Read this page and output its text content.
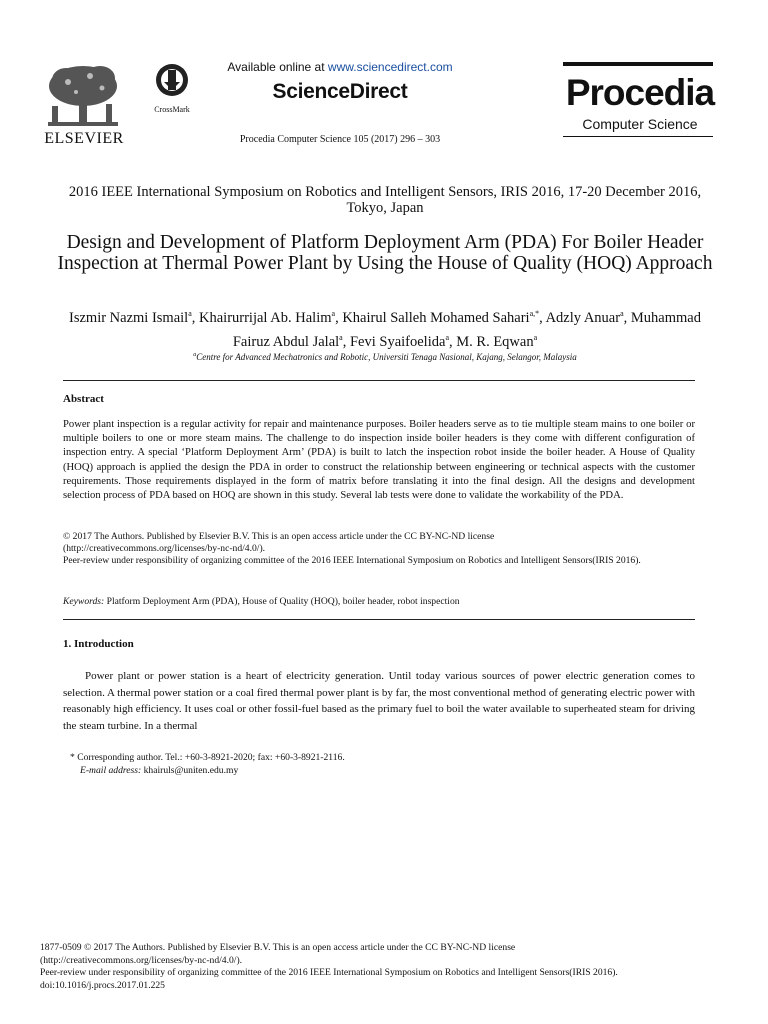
ELSEVIER
CrossMark
Available online at www.sciencedirect.com
ScienceDirect
Procedia Computer Science 105 (2017) 296 – 303
Procedia
Computer Science
2016 IEEE International Symposium on Robotics and Intelligent Sensors, IRIS 2016, 17-20 December 2016, Tokyo, Japan
Design and Development of Platform Deployment Arm (PDA) For Boiler Header Inspection at Thermal Power Plant by Using the House of Quality (HOQ) Approach
Iszmir Nazmi Ismail$^a$, Khairurrijal Ab. Halim$^a$, Khairul Salleh Mohamed Sahari$^{a,*}$, Adzly Anuar$^a$, Muhammad Fairuz Abdul Jalal$^a$, Fevi Syaifoelida$^a$, M. R. Eqwan$^a$
$^a$Centre for Advanced Mechatronics and Robotic, Universiti Tenaga Nasional, Kajang, Selangor, Malaysia
Abstract
Power plant inspection is a regular activity for repair and maintenance purposes. Boiler headers serve as to tie multiple steam mains to one boiler or multiple boilers to one or more steam mains. The challenge to do inspection inside boiler headers is they come with different configuration of inspection entry. A special ‘Platform Deployment Arm’ (PDA) is built to latch the inspection robot inside the boiler header. A House of Quality (HOQ) approach is applied the design the PDA in order to construct the relationship between engineering or technical aspects with the customer requirements. Those requirements displayed in the form of matrix before translating it into the final design. All the designs and development selection process of PDA based on HOQ are shown in this study. Several lab tests were done to validate the workability of the PDA.
© 2017 The Authors. Published by Elsevier B.V. This is an open access article under the CC BY-NC-ND license
(http://creativecommons.org/licenses/by-nc-nd/4.0/).
Peer-review under responsibility of organizing committee of the 2016 IEEE International Symposium on Robotics and Intelligent Sensors(IRIS 2016).
Keywords: Platform Deployment Arm (PDA), House of Quality (HOQ), boiler header, robot inspection
1. Introduction
Power plant or power station is a heart of electricity generation. Until today various sources of power electric generation comes to selection. A thermal power station or a coal fired thermal power plant is by far, the most conventional method of generating electric power with reasonably high efficiency. It uses coal or other fossil-fuel based as the primary fuel to boil the water available to superheated steam for driving the steam turbine. In a thermal
* Corresponding author. Tel.: +60-3-8921-2020; fax: +60-3-8921-2116.
E-mail address: khairuls@uniten.edu.my
1877-0509 © 2017 The Authors. Published by Elsevier B.V. This is an open access article under the CC BY-NC-ND license
(http://creativecommons.org/licenses/by-nc-nd/4.0/).
Peer-review under responsibility of organizing committee of the 2016 IEEE International Symposium on Robotics and Intelligent Sensors(IRIS 2016).
doi:10.1016/j.procs.2017.01.225
